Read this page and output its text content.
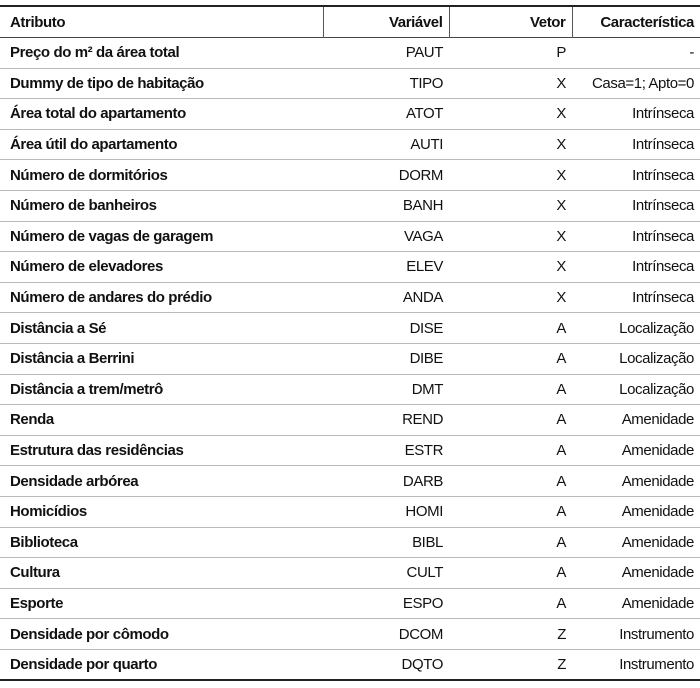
Atributo	Variável	Vetor	Característica
Preço do m² da área total	PAUT	P	-
Dummy de tipo de habitação	TIPO	X	Casa=1; Apto=0
Área total do apartamento	ATOT	X	Intrínseca
Área útil do apartamento	AUTI	X	Intrínseca
Número de dormitórios	DORM	X	Intrínseca
Número de banheiros	BANH	X	Intrínseca
Número de vagas de garagem	VAGA	X	Intrínseca
Número de elevadores	ELEV	X	Intrínseca
Número de andares do prédio	ANDA	X	Intrínseca
Distância a Sé	DISE	A	Localização
Distância a Berrini	DIBE	A	Localização
Distância a trem/metrô	DMT	A	Localização
Renda	REND	A	Amenidade
Estrutura das residências	ESTR	A	Amenidade
Densidade arbórea	DARB	A	Amenidade
Homicídios	HOMI	A	Amenidade
Biblioteca	BIBL	A	Amenidade
Cultura	CULT	A	Amenidade
Esporte	ESPO	A	Amenidade
Densidade por cômodo	DCOM	Z	Instrumento
Densidade por quarto	DQTO	Z	Instrumento
